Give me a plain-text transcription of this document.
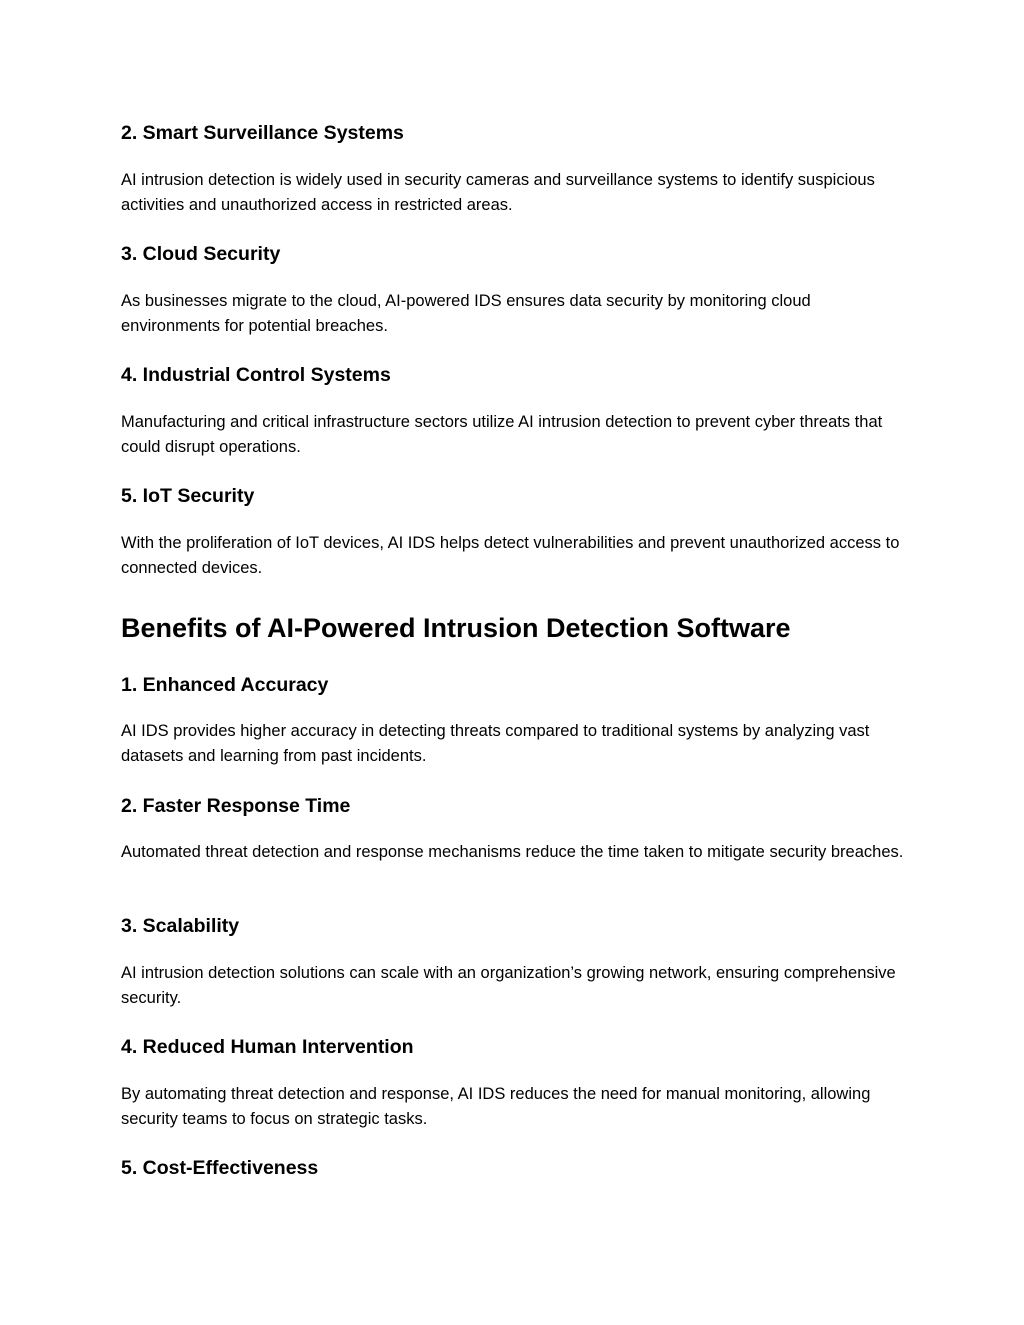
2. Smart Surveillance Systems

AI intrusion detection is widely used in security cameras and surveillance systems to identify suspicious activities and unauthorized access in restricted areas.

3. Cloud Security

As businesses migrate to the cloud, AI-powered IDS ensures data security by monitoring cloud environments for potential breaches.

4. Industrial Control Systems

Manufacturing and critical infrastructure sectors utilize AI intrusion detection to prevent cyber threats that could disrupt operations.

5. IoT Security

With the proliferation of IoT devices, AI IDS helps detect vulnerabilities and prevent unauthorized access to connected devices.

Benefits of AI-Powered Intrusion Detection Software
1. Enhanced Accuracy

AI IDS provides higher accuracy in detecting threats compared to traditional systems by analyzing vast datasets and learning from past incidents.

2. Faster Response Time

Automated threat detection and response mechanisms reduce the time taken to mitigate security breaches.

3. Scalability

AI intrusion detection solutions can scale with an organization’s growing network, ensuring comprehensive security.

4. Reduced Human Intervention

By automating threat detection and response, AI IDS reduces the need for manual monitoring, allowing security teams to focus on strategic tasks.

5. Cost-Effectiveness
